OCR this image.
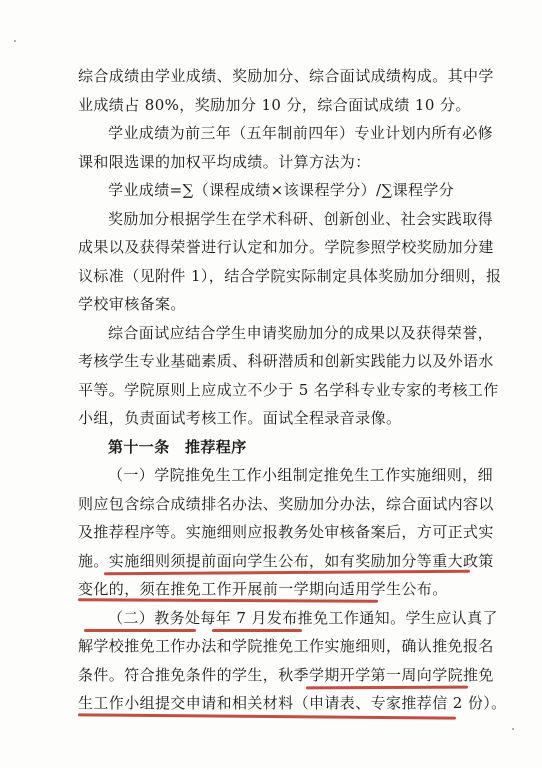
综合成绩由学业成绩、奖励加分、综合面试成绩构成。其中学
业成绩占 80%，奖励加分 10 分，综合面试成绩 10 分。
学业成绩为前三年（五年制前四年）专业计划内所有必修
课和限选课的加权平均成绩。计算方法为：
学业成绩=∑（课程成绩×该课程学分）/∑课程学分
奖励加分根据学生在学术科研、创新创业、社会实践取得
成果以及获得荣誉进行认定和加分。学院参照学校奖励加分建
议标准（见附件 1），结合学院实际制定具体奖励加分细则，报
学校审核备案。
综合面试应结合学生申请奖励加分的成果以及获得荣誉，
考核学生专业基础素质、科研潜质和创新实践能力以及外语水
平等。学院原则上应成立不少于 5 名学科专业专家的考核工作
小组，负责面试考核工作。面试全程录音录像。
第十一条　推荐程序
（一）学院推免生工作小组制定推免生工作实施细则，细
则应包含综合成绩排名办法、奖励加分办法，综合面试内容以
及推荐程序等。实施细则应报教务处审核备案后，方可正式实
施。实施细则须提前面向学生公布，如有奖励加分等重大政策
变化的，须在推免工作开展前一学期向适用学生公布。
（二）教务处每年 7 月发布推免工作通知。学生应认真了
解学校推免工作办法和学院推免工作实施细则，确认推免报名
条件。符合推免条件的学生，秋季学期开学第一周向学院推免
生工作小组提交申请和相关材料（申请表、专家推荐信 2 份）。
